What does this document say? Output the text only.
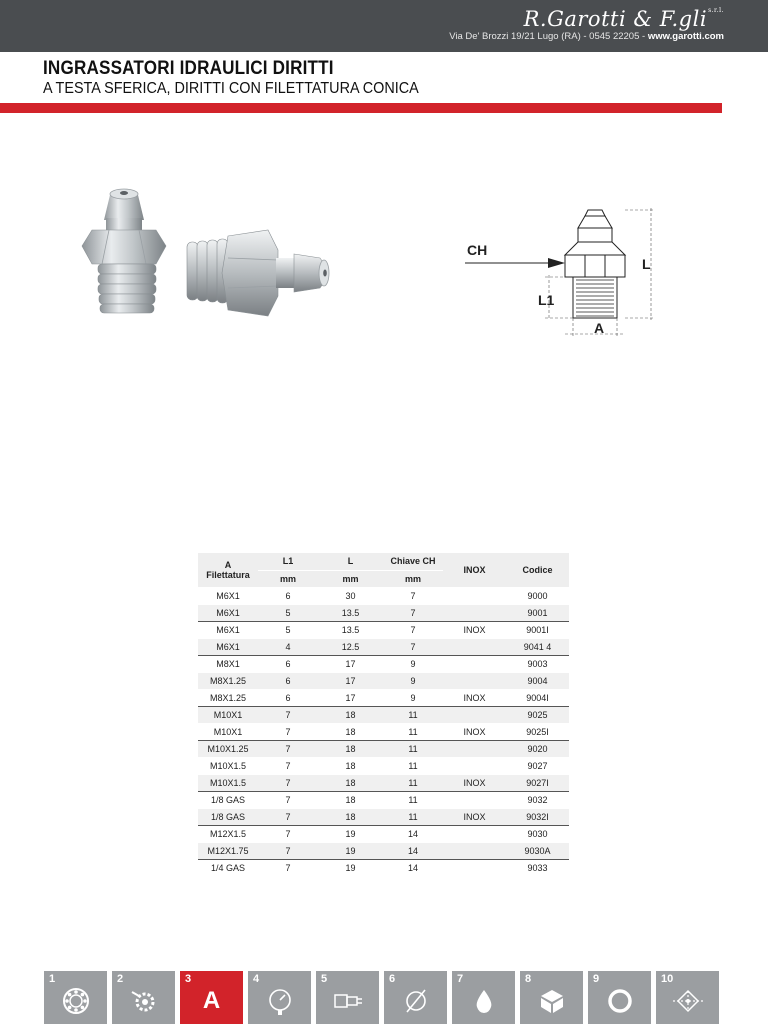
R.Garotti & F.gli$^{s.r.l.}$
Via De' Brozzi 19/21 Lugo (RA) - 0545 22205 - www.garotti.com
INGRASSATORI IDRAULICI DIRITTI
A TESTA SFERICA, DIRITTI CON FILETTATURA CONICA
CH
L
L1
A
A
Filettatura	L1	L	Chiave CH	INOX	Codice
	mm	mm	mm		
M6X1	6	30	7		9000
M6X1	5	13.5	7		9001
M6X1	5	13.5	7	INOX	9001I
M6X1	4	12.5	7		9041 4
M8X1	6	17	9		9003
M8X1.25	6	17	9		9004
M8X1.25	6	17	9	INOX	9004I
M10X1	7	18	11		9025
M10X1	7	18	11	INOX	9025I
M10X1.25	7	18	11		9020
M10X1.5	7	18	11		9027
M10X1.5	7	18	11	INOX	9027I
1/8 GAS	7	18	11		9032
1/8 GAS	7	18	11	INOX	9032I
M12X1.5	7	19	14		9030
M12X1.75	7	19	14		9030A
1/4 GAS	7	19	14		9033
1	2	3
A
4	5	6	7	8	9	10
